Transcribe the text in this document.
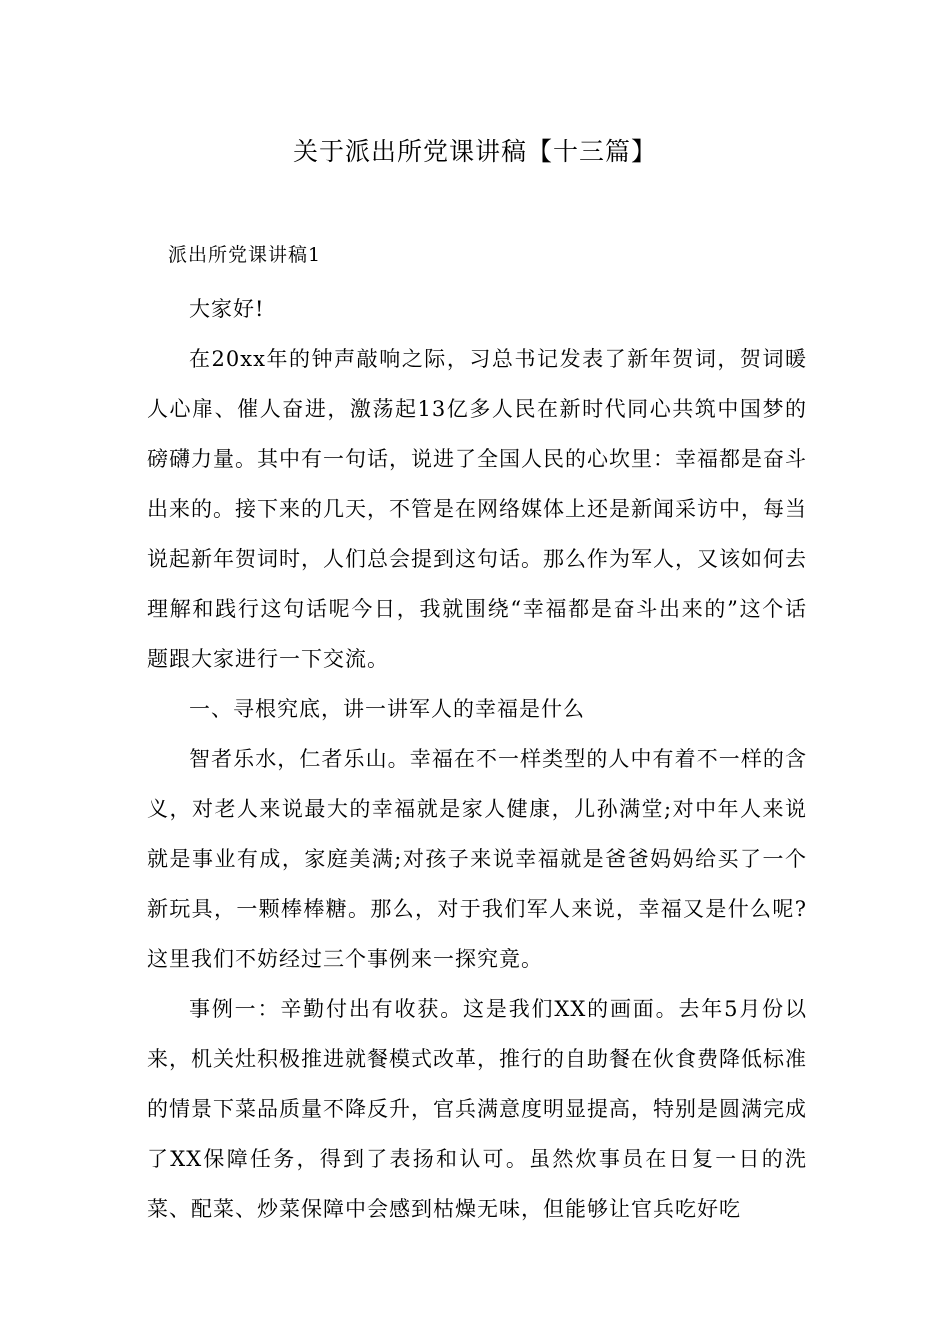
关于派出所党课讲稿【十三篇】
派出所党课讲稿1

大家好!

在20xx年的钟声敲响之际，习总书记发表了新年贺词，贺词暖人心扉、催人奋进，激荡起13亿多人民在新时代同心共筑中国梦的磅礴力量。其中有一句话，说进了全国人民的心坎里：幸福都是奋斗出来的。接下来的几天，不管是在网络媒体上还是新闻采访中，每当说起新年贺词时，人们总会提到这句话。那么作为军人，又该如何去理解和践行这句话呢今日，我就围绕“幸福都是奋斗出来的”这个话题跟大家进行一下交流。

一、寻根究底，讲一讲军人的幸福是什么

智者乐水，仁者乐山。幸福在不一样类型的人中有着不一样的含义，对老人来说最大的幸福就是家人健康，儿孙满堂;对中年人来说就是事业有成，家庭美满;对孩子来说幸福就是爸爸妈妈给买了一个新玩具，一颗棒棒糖。那么，对于我们军人来说，幸福又是什么呢?这里我们不妨经过三个事例来一探究竟。

事例一：辛勤付出有收获。这是我们XX的画面。去年5月份以来，机关灶积极推进就餐模式改革，推行的自助餐在伙食费降低标准的情景下菜品质量不降反升，官兵满意度明显提高，特别是圆满完成了XX保障任务，得到了表扬和认可。虽然炊事员在日复一日的洗菜、配菜、炒菜保障中会感到枯燥无味，但能够让官兵吃好吃
